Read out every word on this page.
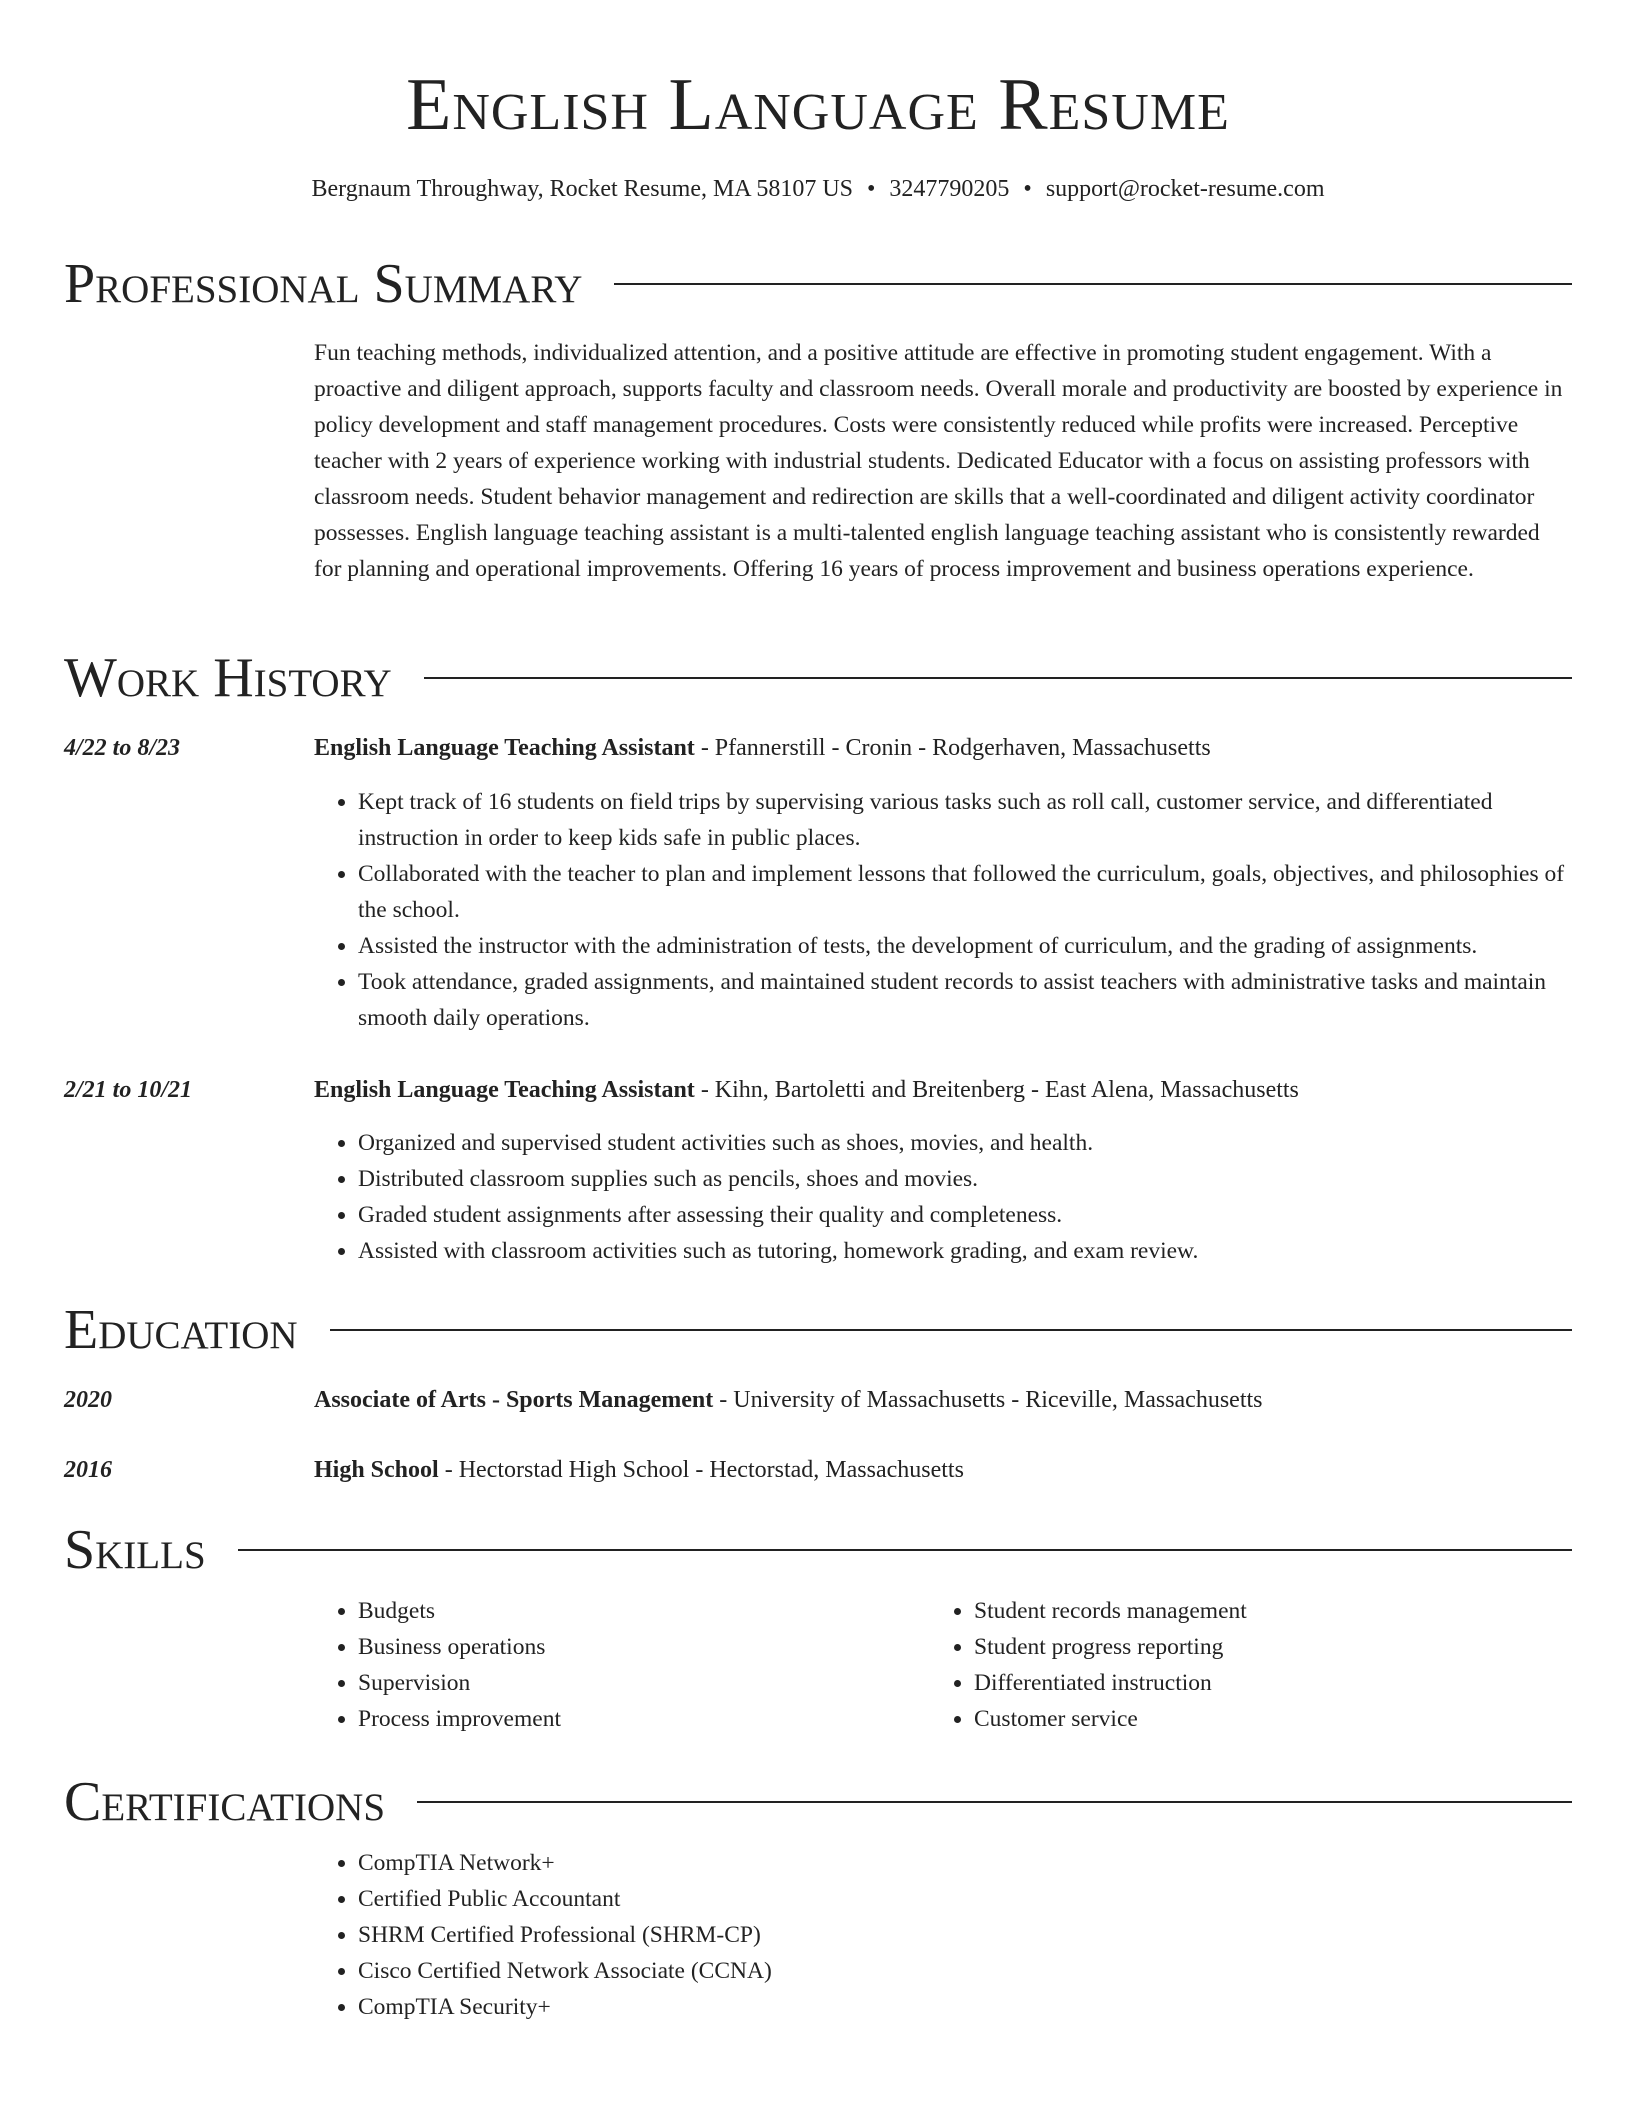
English Language Resume
Bergnaum Throughway, Rocket Resume, MA 58107 US • 3247790205 • support@rocket-resume.com
Professional Summary
Fun teaching methods, individualized attention, and a positive attitude are effective in promoting student engagement. With a proactive and diligent approach, supports faculty and classroom needs. Overall morale and productivity are boosted by experience in policy development and staff management procedures. Costs were consistently reduced while profits were increased. Perceptive teacher with 2 years of experience working with industrial students. Dedicated Educator with a focus on assisting professors with classroom needs. Student behavior management and redirection are skills that a well-coordinated and diligent activity coordinator possesses. English language teaching assistant is a multi-talented english language teaching assistant who is consistently rewarded for planning and operational improvements. Offering 16 years of process improvement and business operations experience.
Work History
4/22 to 8/23	English Language Teaching Assistant - Pfannerstill - Cronin - Rodgerhaven, Massachusetts
• Kept track of 16 students on field trips by supervising various tasks such as roll call, customer service, and differentiated instruction in order to keep kids safe in public places.
• Collaborated with the teacher to plan and implement lessons that followed the curriculum, goals, objectives, and philosophies of the school.
• Assisted the instructor with the administration of tests, the development of curriculum, and the grading of assignments.
• Took attendance, graded assignments, and maintained student records to assist teachers with administrative tasks and maintain smooth daily operations.
2/21 to 10/21	English Language Teaching Assistant - Kihn, Bartoletti and Breitenberg - East Alena, Massachusetts
• Organized and supervised student activities such as shoes, movies, and health.
• Distributed classroom supplies such as pencils, shoes and movies.
• Graded student assignments after assessing their quality and completeness.
• Assisted with classroom activities such as tutoring, homework grading, and exam review.
Education
2020	Associate of Arts - Sports Management - University of Massachusetts - Riceville, Massachusetts
2016	High School - Hectorstad High School - Hectorstad, Massachusetts
Skills
• Budgets
• Business operations
• Supervision
• Process improvement
• Student records management
• Student progress reporting
• Differentiated instruction
• Customer service
Certifications
• CompTIA Network+
• Certified Public Accountant
• SHRM Certified Professional (SHRM-CP)
• Cisco Certified Network Associate (CCNA)
• CompTIA Security+
